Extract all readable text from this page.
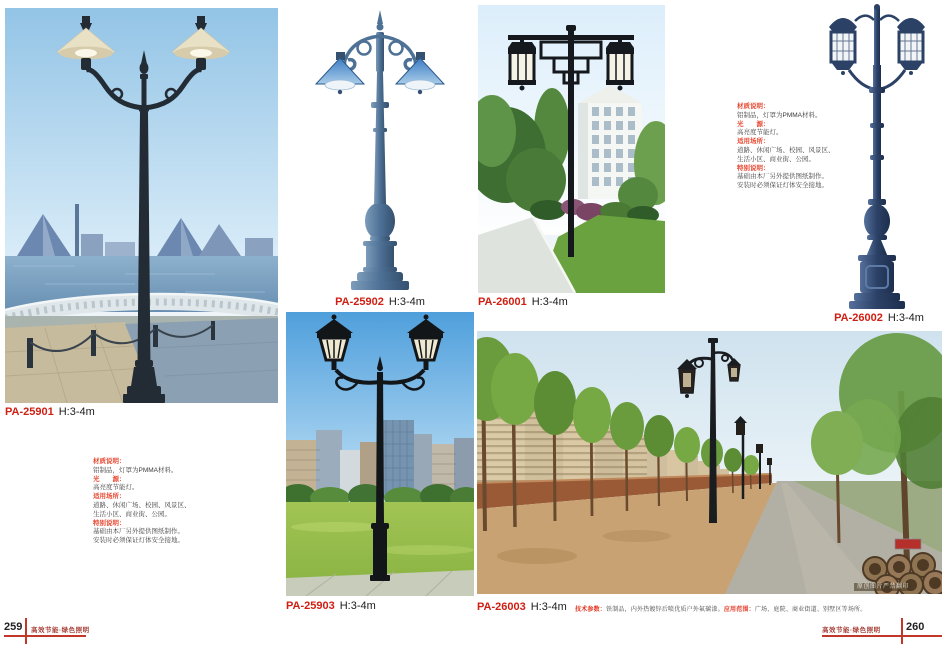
原创图片严禁翻印
PA-25901 H:3-4m
PA-25902 H:3-4m	PA-26001 H:3-4m
PA-26002 H:3-4m
PA-25903 H:3-4m	PA-26003 H:3-4m
材质说明：
铝制品，灯罩为PMMA材料。
光　　源：
高亮度节能灯。
适用场所：
道路、休闲广场、校园、风景区、
生活小区、商业街、公园。
特别说明：
基础由本厂另外提供图纸制作。
安装时必须保证灯体安全接地。
材质说明：
铝制品，灯罩为PMMA材料。
光　　源：
高亮度节能灯。
适用场所：
道路、休闲广场、校园、风景区、
生活小区、商业街、公园。
特别说明：
基础由本厂另外提供图纸制作。
安装时必须保证灯体安全接地。
技术参数：铁制品，内外热镀锌后喷优质户外氟碳漆。应用范围：广场、庭院、商业街道、别墅区等场所。
259 高效节能·绿色照明	高效节能·绿色照明 260
